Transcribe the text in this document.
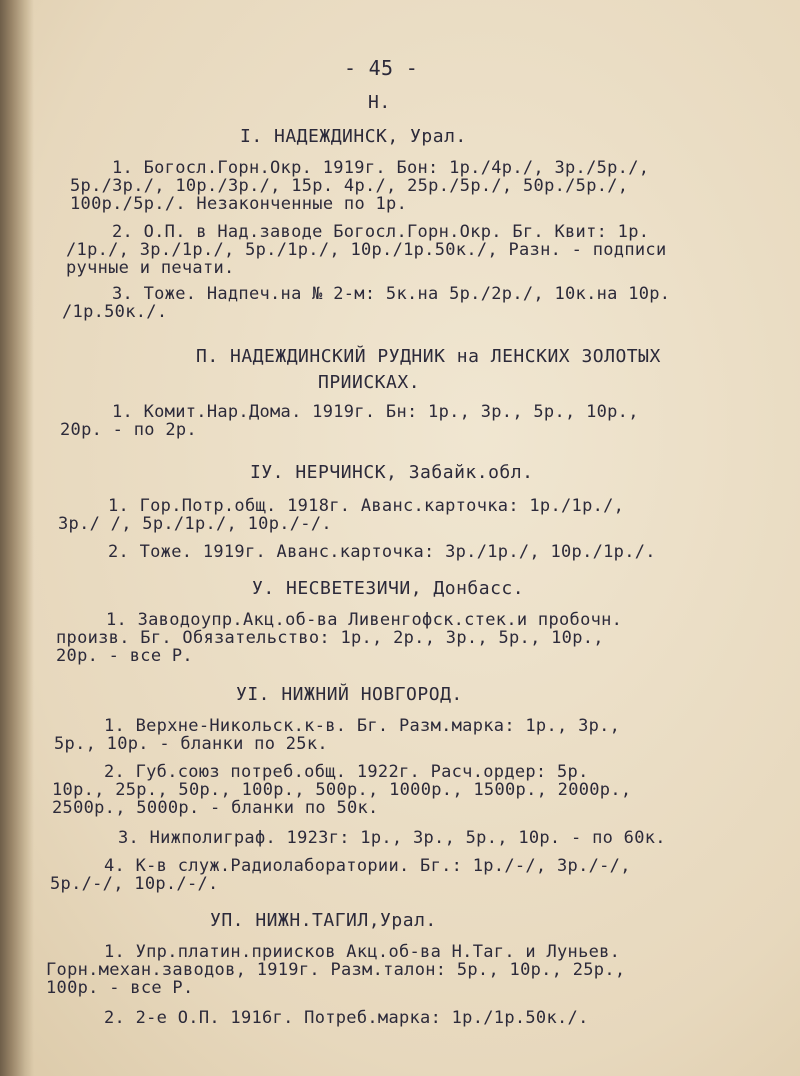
- 45 -
Н.
I. НАДЕЖДИНСК, Урал.
1. Богосл.Горн.Окр. 1919г. Бон: 1р./4р./, 3р./5р./,
5р./3р./, 10р./3р./, 15р. 4р./, 25р./5р./, 50р./5р./,
100р./5р./. Незаконченные по 1р.
2. О.П. в Над.заводе Богосл.Горн.Окр. Бг. Квит: 1р.
/1р./, 3р./1р./, 5р./1р./, 10р./1р.50к./, Разн. - подписи
ручные и печати.
3. Тоже. Надпеч.на № 2-м: 5к.на 5р./2р./, 10к.на 10р.
/1р.50к./.
П. НАДЕЖДИНСКИЙ РУДНИК на ЛЕНСКИХ ЗОЛОТЫХ
ПРИИСКАХ.
1. Комит.Нар.Дома. 1919г. Бн: 1р., 3р., 5р., 10р.,
20р. - по 2р.
IУ. НЕРЧИНСК, Забайк.обл.
1. Гор.Потр.общ. 1918г. Аванс.карточка: 1р./1р./,
3р./ /, 5р./1р./, 10р./-/.
2. Тоже. 1919г. Аванс.карточка: 3р./1р./, 10р./1р./.
У. НЕСВЕТЕЗИЧИ, Донбасс.
1. Заводоупр.Акц.об-ва Ливенгофск.стек.и пробочн.
произв. Бг. Обязательство: 1р., 2р., 3р., 5р., 10р.,
20р. - все Р.
УI. НИЖНИЙ НОВГОРОД.
1. Верхне-Никольск.к-в. Бг. Разм.марка: 1р., 3р.,
5р., 10р. - бланки по 25к.
2. Губ.союз потреб.общ. 1922г. Расч.ордер: 5р.
10р., 25р., 50р., 100р., 500р., 1000р., 1500р., 2000р.,
2500р., 5000р. - бланки по 50к.
3. Нижполиграф. 1923г: 1р., 3р., 5р., 10р. - по 60к.
4. К-в служ.Радиолаборатории. Бг.: 1р./-/, 3р./-/,
5р./-/, 10р./-/.
УП. НИЖН.ТАГИЛ,Урал.
1. Упр.платин.приисков Акц.об-ва Н.Таг. и Луньев.
Горн.механ.заводов, 1919г. Разм.талон: 5р., 10р., 25р.,
100р. - все Р.
2. 2-е О.П. 1916г. Потреб.марка: 1р./1р.50к./.
